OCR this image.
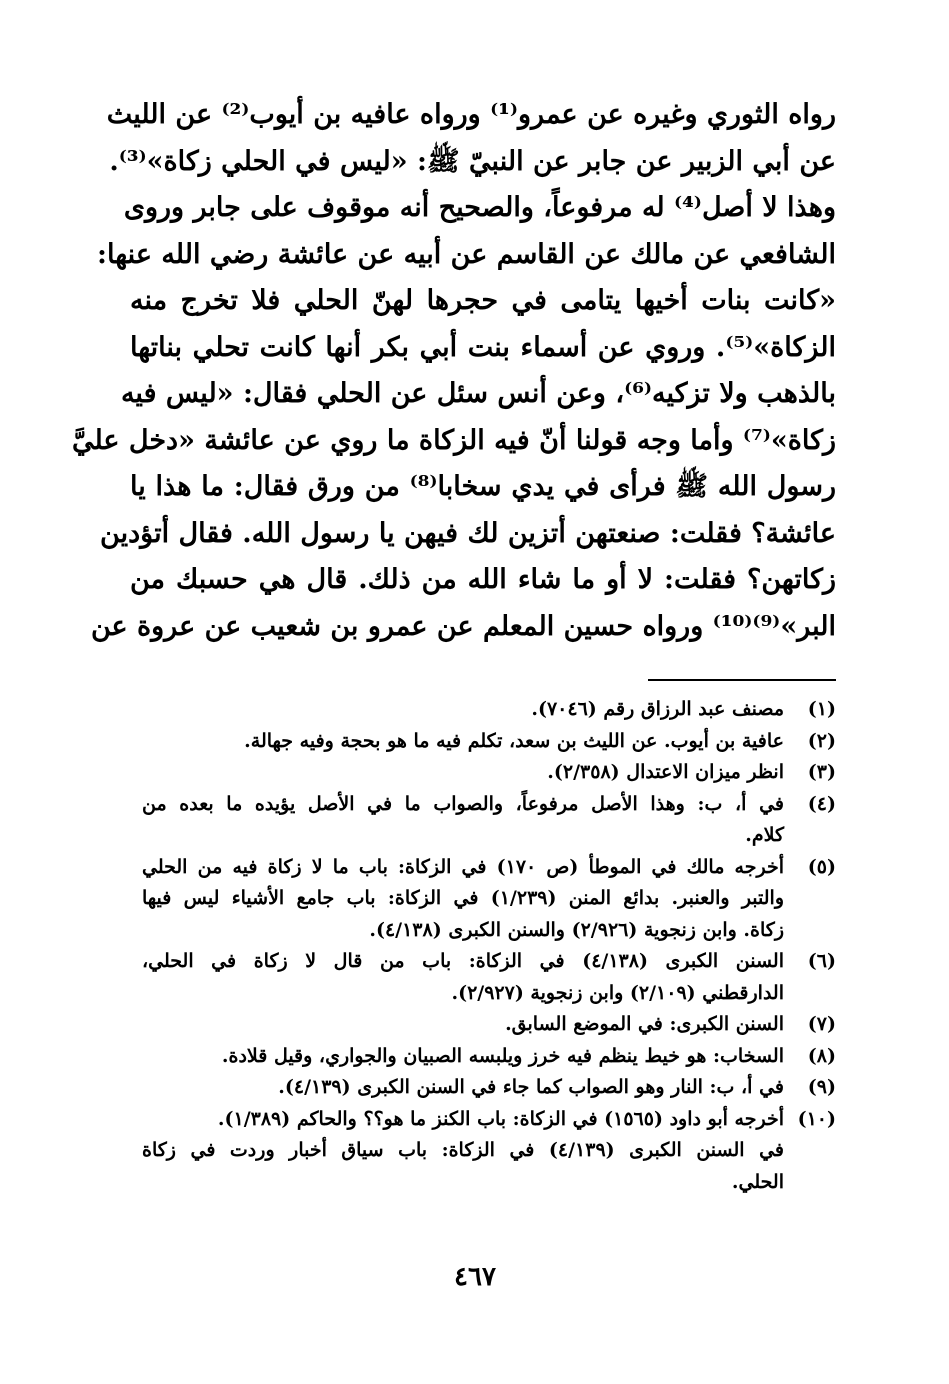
رواه الثوري وغيره عن عمرو⁽¹⁾ ورواه عافيه بن أيوب⁽²⁾ عن الليث
عن أبي الزبير عن جابر عن النبيّ ﷺ: «ليس في الحلي زكاة»⁽³⁾.
وهذا لا أصل⁽⁴⁾ له مرفوعاً، والصحيح أنه موقوف على جابر وروى
الشافعي عن مالك عن القاسم عن أبيه عن عائشة رضي الله عنها:
«كانت بنات أخيها يتامى في حجرها لهنّ الحلي فلا تخرج منه
الزكاة»⁽⁵⁾. وروي عن أسماء بنت أبي بكر أنها كانت تحلي بناتها
بالذهب ولا تزكيه⁽⁶⁾، وعن أنس سئل عن الحلي فقال: «ليس فيه
زكاة»⁽⁷⁾ وأما وجه قولنا أنّ فيه الزكاة ما روي عن عائشة «دخل عليَّ
رسول الله ﷺ فرأى في يدي سخابا⁽⁸⁾ من ورق فقال: ما هذا يا
عائشة؟ فقلت: صنعتهن أتزين لك فيهن يا رسول الله. فقال أتؤدين
زكاتهن؟ فقلت: لا أو ما شاء الله من ذلك. قال هي حسبك من
البر»⁽⁹⁾⁽¹⁰⁾ ورواه حسين المعلم عن عمرو بن شعيب عن عروة عن
(١)
مصنف عبد الرزاق رقم (٧٠٤٦).
(٢)
عافية بن أيوب. عن الليث بن سعد، تكلم فيه ما هو بحجة وفيه جهالة.
(٣)
انظر ميزان الاعتدال (٢/٣٥٨).
(٤)
في أ، ب: وهذا الأصل مرفوعاً، والصواب ما في الأصل يؤيده ما بعده من
كلام.
(٥)
أخرجه مالك في الموطأ (ص ١٧٠) في الزكاة: باب ما لا زكاة فيه من الحلي
والتبر والعنبر. بدائع المنن (١/٢٣٩) في الزكاة: باب جامع الأشياء ليس فيها
زكاة. وابن زنجوية (٢/٩٢٦) والسنن الكبرى (٤/١٣٨).
(٦)
السنن الكبرى (٤/١٣٨) في الزكاة: باب من قال لا زكاة في الحلي،
الدارقطني (٢/١٠٩) وابن زنجوية (٢/٩٢٧).
(٧)
السنن الكبرى: في الموضع السابق.
(٨)
السخاب: هو خيط ينظم فيه خرز ويلبسه الصبيان والجواري، وقيل قلادة.
(٩)
في أ، ب: النار وهو الصواب كما جاء في السنن الكبرى (٤/١٣٩).
(١٠)
أخرجه أبو داود (١٥٦٥) في الزكاة: باب الكنز ما هو؟؟ والحاكم (١/٣٨٩).
في السنن الكبرى (٤/١٣٩) في الزكاة: باب سياق أخبار وردت في زكاة
الحلي.
٤٦٧
